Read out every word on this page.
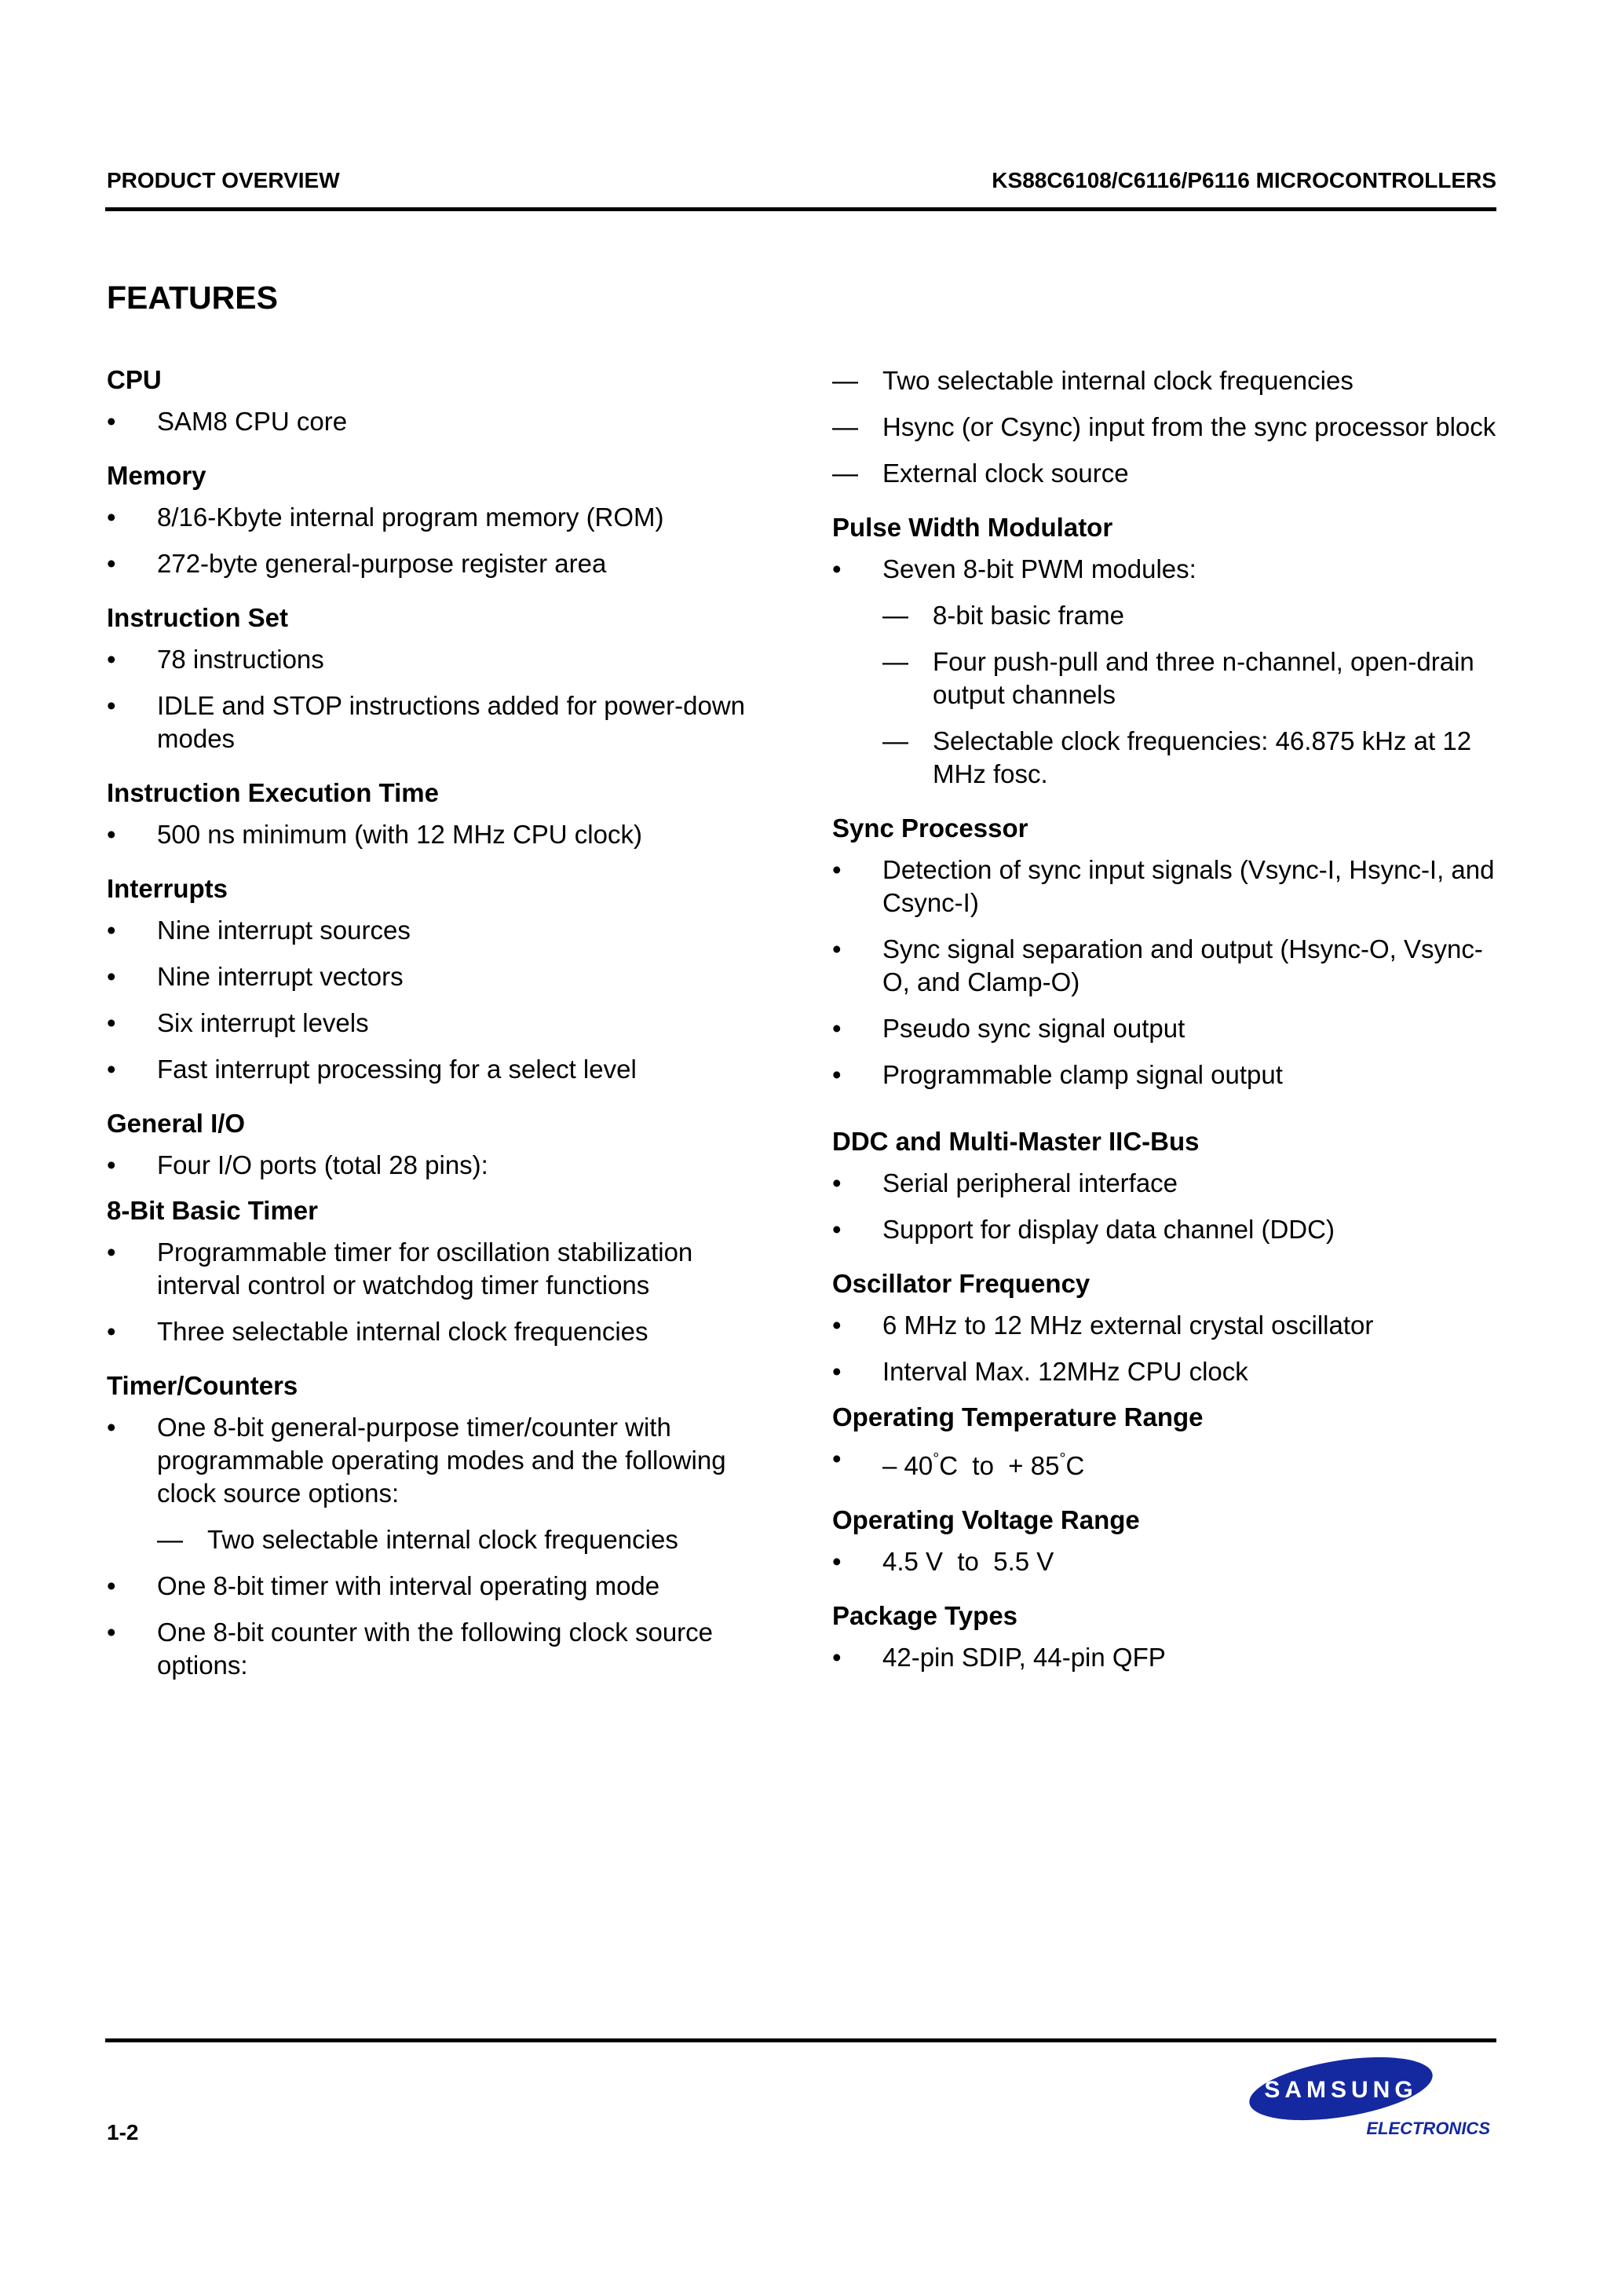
PRODUCT OVERVIEW	KS88C6108/C6116/P6116 MICROCONTROLLERS
FEATURES
CPU
• SAM8 CPU core
Memory
• 8/16-Kbyte internal program memory (ROM)
• 272-byte general-purpose register area
Instruction Set
• 78 instructions
• IDLE and STOP instructions added for power-down modes
Instruction Execution Time
• 500 ns minimum (with 12 MHz CPU clock)
Interrupts
• Nine interrupt sources
• Nine interrupt vectors
• Six interrupt levels
• Fast interrupt processing for a select level
General I/O
• Four I/O ports (total 28 pins):
8-Bit Basic Timer
• Programmable timer for oscillation stabilization interval control or watchdog timer functions
• Three selectable internal clock frequencies
Timer/Counters
• One 8-bit general-purpose timer/counter with programmable operating modes and the following clock source options:
— Two selectable internal clock frequencies
• One 8-bit timer with interval operating mode
• One 8-bit counter with the following clock source options:
— Two selectable internal clock frequencies
— Hsync (or Csync) input from the sync processor block
— External clock source
Pulse Width Modulator
• Seven 8-bit PWM modules:
— 8-bit basic frame
— Four push-pull and three n-channel, open-drain output channels
— Selectable clock frequencies: 46.875 kHz at 12 MHz fosc.
Sync Processor
• Detection of sync input signals (Vsync-I, Hsync-I, and Csync-I)
• Sync signal separation and output (Hsync-O, Vsync-O, and Clamp-O)
• Pseudo sync signal output
• Programmable clamp signal output
DDC and Multi-Master IIC-Bus
• Serial peripheral interface
• Support for display data channel (DDC)
Oscillator Frequency
• 6 MHz to 12 MHz external crystal oscillator
• Interval Max. 12MHz CPU clock
Operating Temperature Range
• – 40°C to + 85°C
Operating Voltage Range
• 4.5 V  to  5.5 V
Package Types
• 42-pin SDIP, 44-pin QFP
1-2
SAMSUNG
ELECTRONICS
